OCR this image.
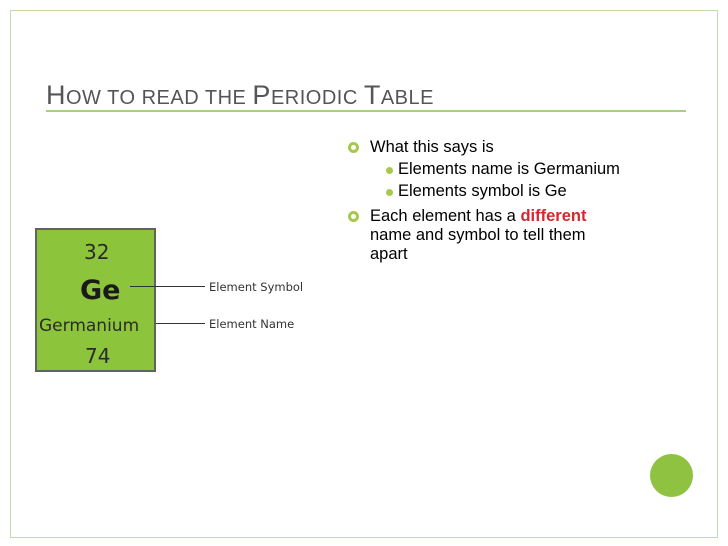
HOW TO READ THE PERIODIC TABLE

What this says is

Elements name is Germanium

Elements symbol is Ge

Each element has a different name and symbol to tell them apart

32
Ge
Germanium
74
Element Symbol
Element Name
